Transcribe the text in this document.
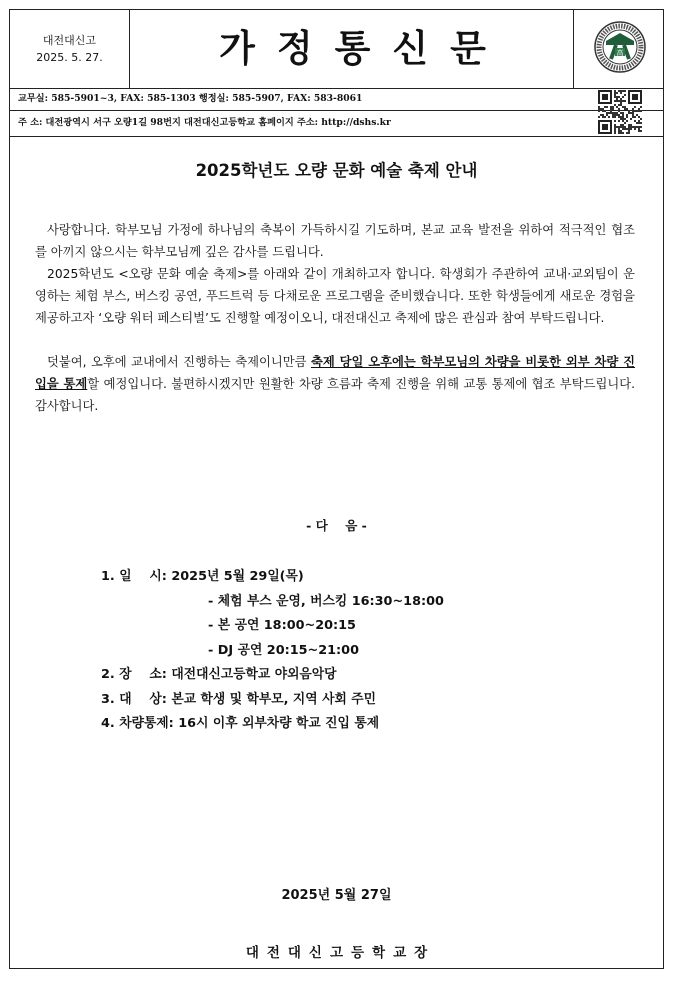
대전대신고
2025. 5. 27.	가정통신문	高
교무실: 585-5901~3, FAX: 585-1303 행정실: 585-5907, FAX: 583-8061
주 소: 대전광역시 서구 오량1길 98번지 대전대신고등학교 홈페이지 주소: http://dshs.kr
2025학년도 오량 문화 예술 축제 안내

사랑합니다. 학부모님 가정에 하나님의 축복이 가득하시길 기도하며, 본교 교육 발전을 위하여 적극적인 협조를 아끼지 않으시는 학부모님께 깊은 감사를 드립니다.

2025학년도 <오량 문화 예술 축제>를 아래와 같이 개최하고자 합니다. 학생회가 주관하여 교내·교외팀이 운영하는 체험 부스, 버스킹 공연, 푸드트럭 등 다채로운 프로그램을 준비했습니다. 또한 학생들에게 새로운 경험을 제공하고자 ‘오량 워터 페스티벌’도 진행할 예정이오니, 대전대신고 축제에 많은 관심과 참여 부탁드립니다.

덧붙여, 오후에 교내에서 진행하는 축제이니만큼 축제 당일 오후에는 학부모님의 차량을 비롯한 외부 차량 진입을 통제할 예정입니다. 불편하시겠지만 원활한 차량 흐름과 축제 진행을 위해 교통 통제에 협조 부탁드립니다. 감사합니다.

- 다    음 -
1. 일    시: 2025년 5월 29일(목)
- 체험 부스 운영, 버스킹 16:30~18:00
- 본 공연 18:00~20:15
- DJ 공연 20:15~21:00
2. 장    소: 대전대신고등학교 야외음악당
3. 대    상: 본교 학생 및 학부모, 지역 사회 주민
4. 차량통제: 16시 이후 외부차량 학교 진입 통제
2025년 5월 27일
대전대신고등학교장
